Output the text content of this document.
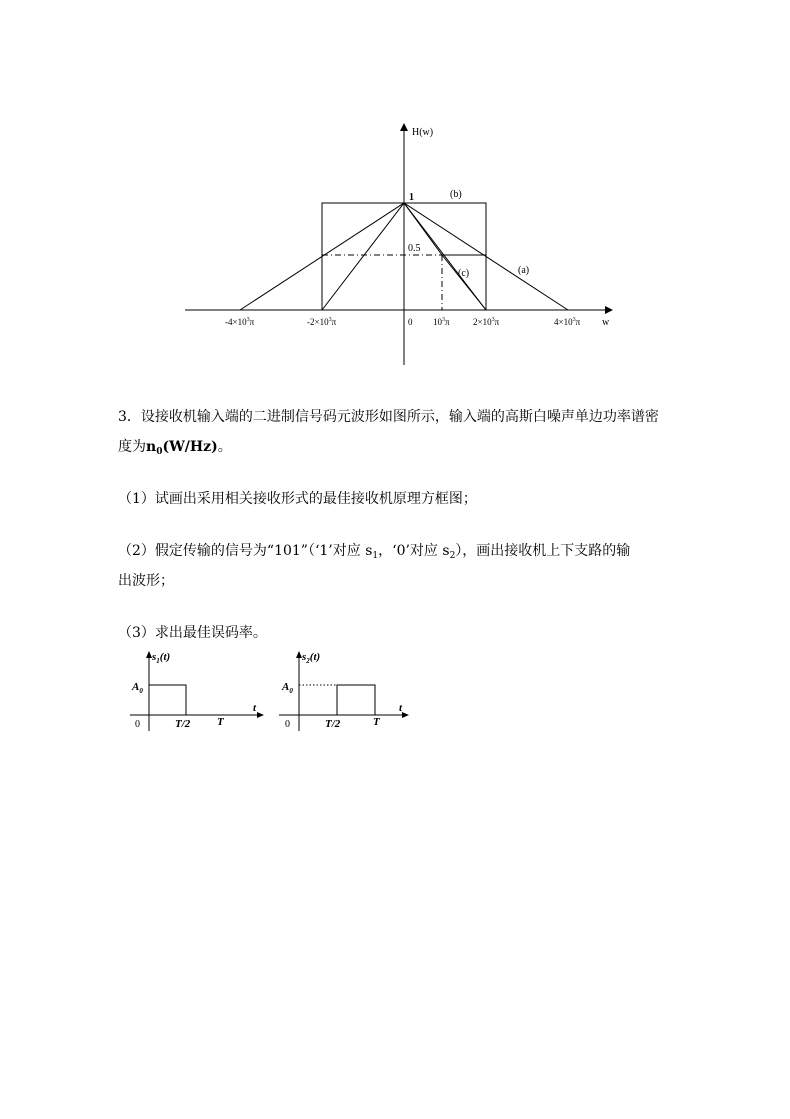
H(w)
w
1
0.5
(b)
(a)
(c)
$-4\times 10^3\pi$	$-2\times 10^3\pi$	0 $10^3\pi$	$2\times 10^3\pi$	$4\times 10^3\pi$
3．设接收机输入端的二进制信号码元波形如图所示，输入端的高斯白噪声单边功率谱密
度为$n_0(W/Hz)$。
（1）试画出采用相关接收形式的最佳接收机原理方框图；
（2）假定传输的信号为“101”（‘1’对应 $s_1$，‘0’对应 $s_2$），画出接收机上下支路的输
出波形；
（3）求出最佳误码率。
$s_1(t)$
$A_0$
0	T/2 T
t
$s_2(t)$
$A_0$
0	T/2	T
t
